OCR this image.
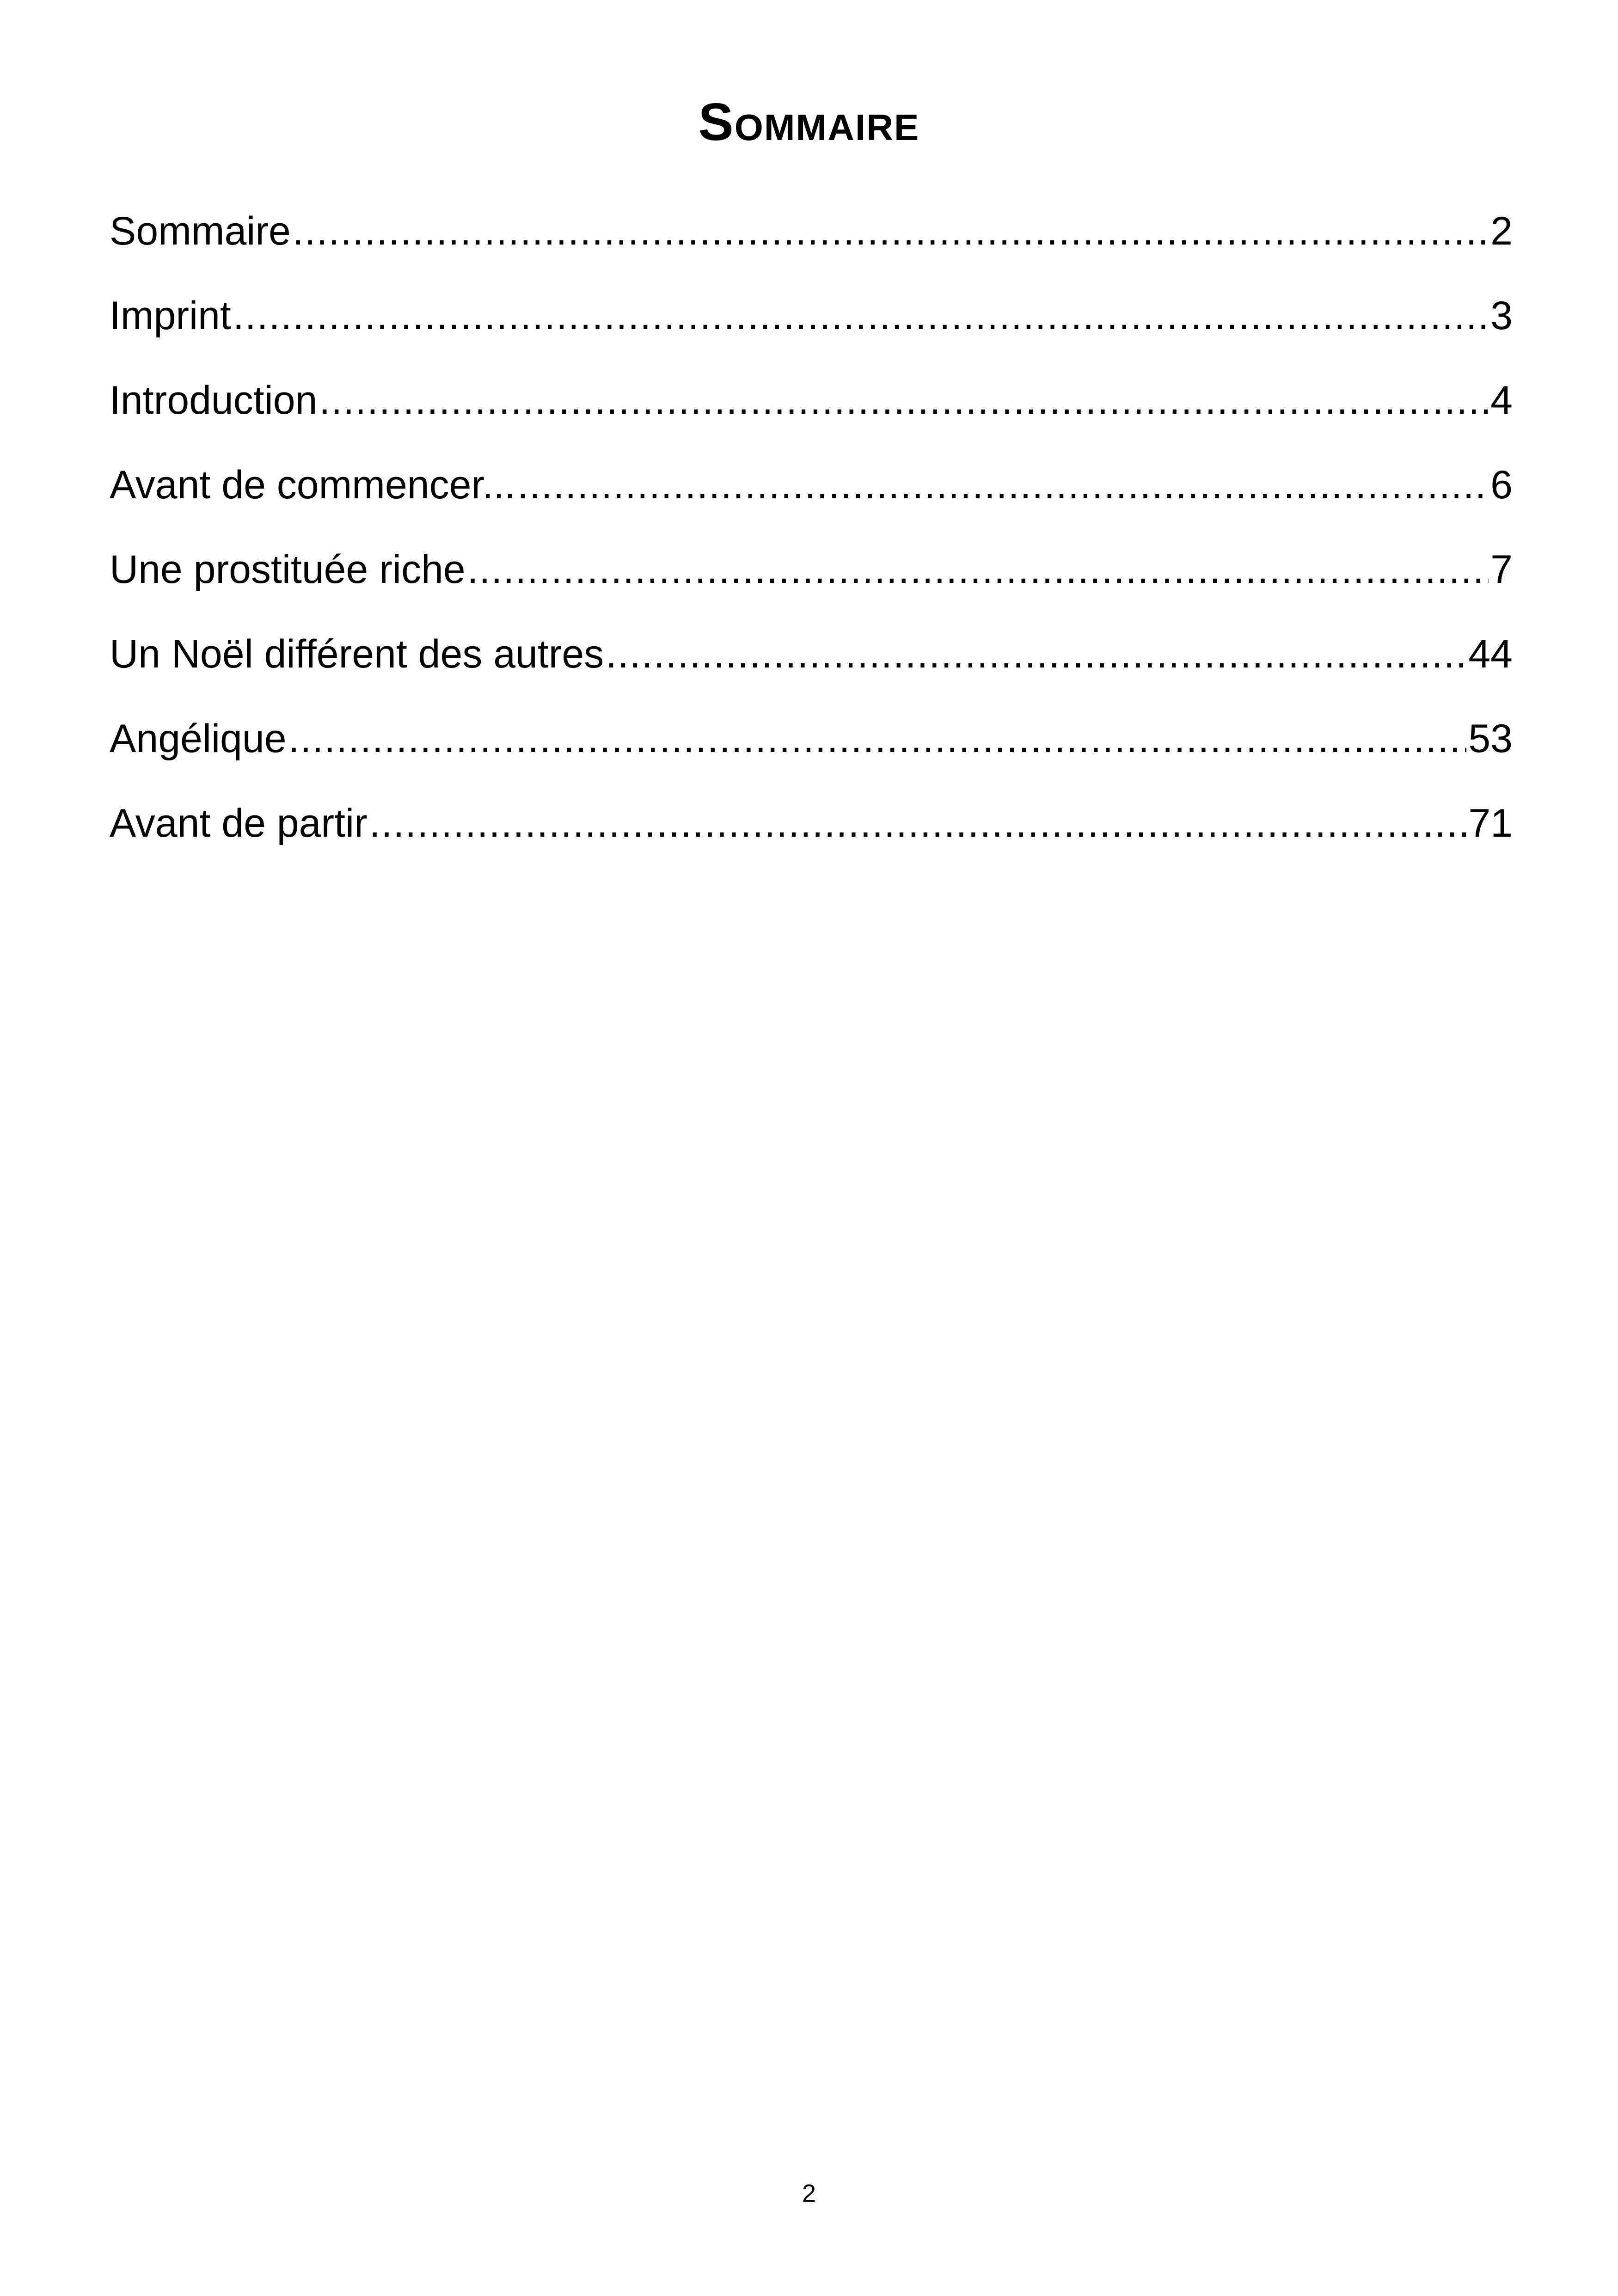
Sommaire
Sommaire .....	2
Imprint .....	3
Introduction .....	4
Avant de commencer... .....	6
Une prostituée riche .....	7
Un Noël différent des autres .....	44
Angélique .....	53
Avant de partir .....	71
2
